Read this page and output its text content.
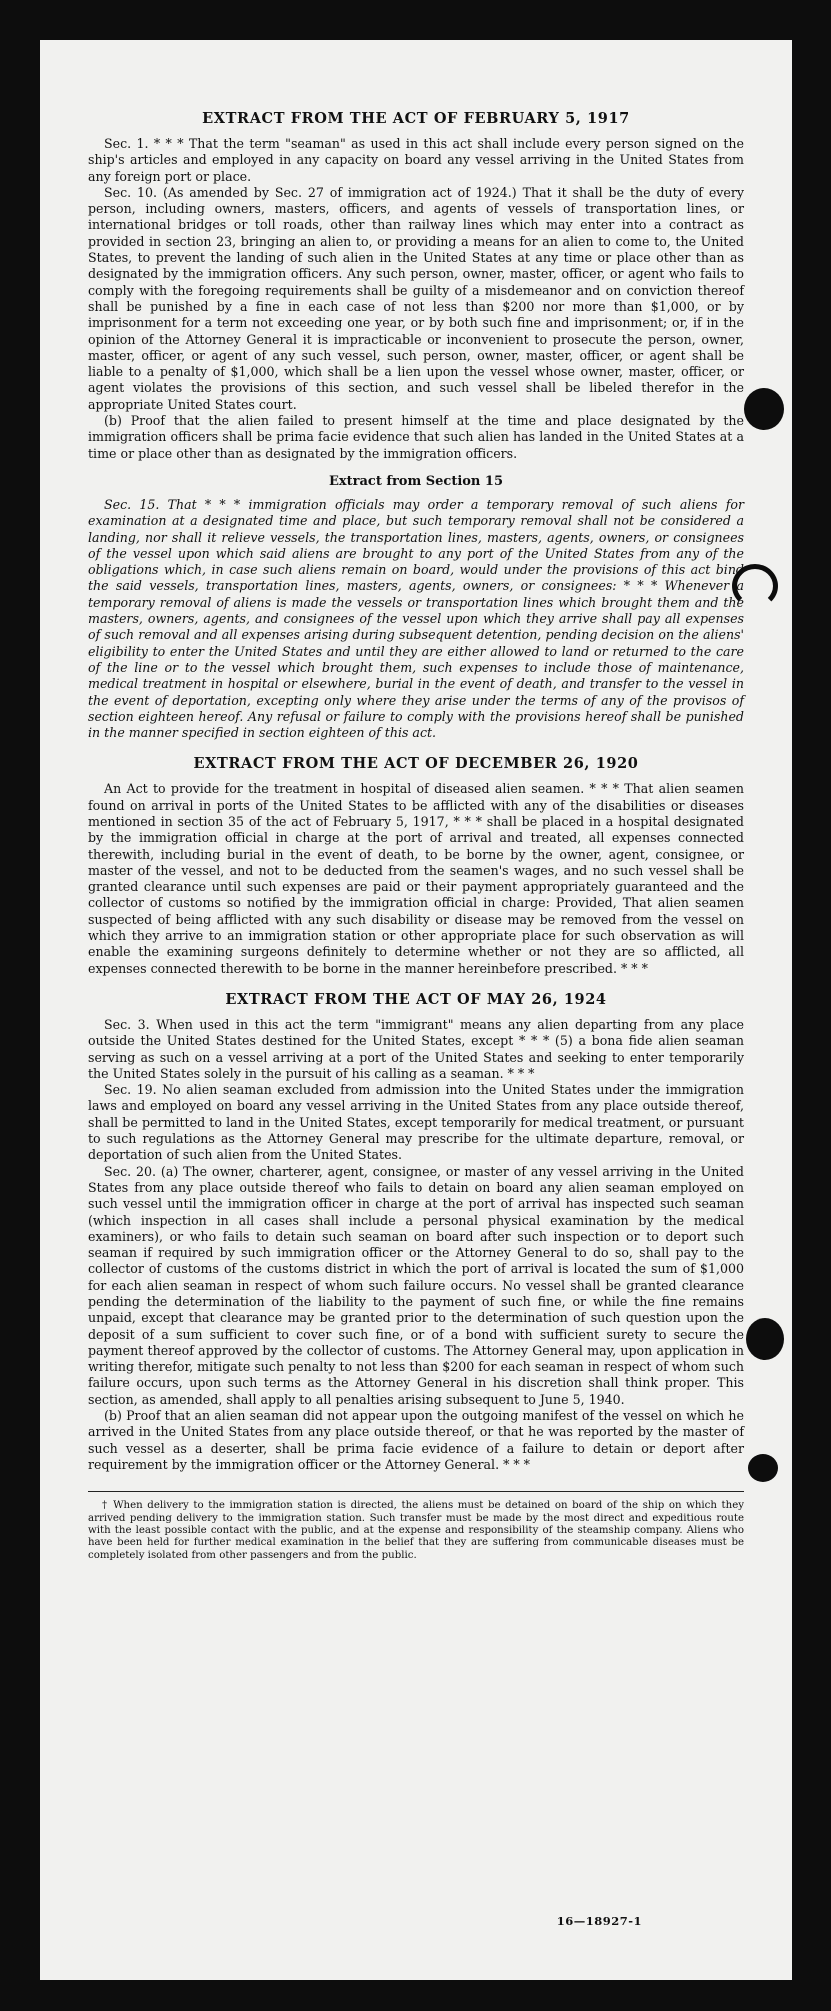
EXTRACT FROM THE ACT OF FEBRUARY 5, 1917

Sec. 1. * * * That the term "seaman" as used in this act shall include every person signed on the ship's articles and employed in any capacity on board any vessel arriving in the United States from any foreign port or place.

Sec. 10. (As amended by Sec. 27 of immigration act of 1924.) That it shall be the duty of every person, including owners, masters, officers, and agents of vessels of transportation lines, or international bridges or toll roads, other than railway lines which may enter into a contract as provided in section 23, bringing an alien to, or providing a means for an alien to come to, the United States, to prevent the landing of such alien in the United States at any time or place other than as designated by the immigration officers. Any such person, owner, master, officer, or agent who fails to comply with the foregoing requirements shall be guilty of a misdemeanor and on conviction thereof shall be punished by a fine in each case of not less than $200 nor more than $1,000, or by imprisonment for a term not exceeding one year, or by both such fine and imprisonment; or, if in the opinion of the Attorney General it is impracticable or inconvenient to prosecute the person, owner, master, officer, or agent of any such vessel, such person, owner, master, officer, or agent shall be liable to a penalty of $1,000, which shall be a lien upon the vessel whose owner, master, officer, or agent violates the provisions of this section, and such vessel shall be libeled therefor in the appropriate United States court.

(b) Proof that the alien failed to present himself at the time and place designated by the immigration officers shall be prima facie evidence that such alien has landed in the United States at a time or place other than as designated by the immigration officers.

Extract from Section 15

Sec. 15. That * * * immigration officials may order a temporary removal of such aliens for examination at a designated time and place, but such temporary removal shall not be considered a landing, nor shall it relieve vessels, the transportation lines, masters, agents, owners, or consignees of the vessel upon which said aliens are brought to any port of the United States from any of the obligations which, in case such aliens remain on board, would under the provisions of this act bind the said vessels, transportation lines, masters, agents, owners, or consignees: * * * Whenever a temporary removal of aliens is made the vessels or transportation lines which brought them and the masters, owners, agents, and consignees of the vessel upon which they arrive shall pay all expenses of such removal and all expenses arising during subsequent detention, pending decision on the aliens' eligibility to enter the United States and until they are either allowed to land or returned to the care of the line or to the vessel which brought them, such expenses to include those of maintenance, medical treatment in hospital or elsewhere, burial in the event of death, and transfer to the vessel in the event of deportation, excepting only where they arise under the terms of any of the provisos of section eighteen hereof. Any refusal or failure to comply with the provisions hereof shall be punished in the manner specified in section eighteen of this act.

EXTRACT FROM THE ACT OF DECEMBER 26, 1920

An Act to provide for the treatment in hospital of diseased alien seamen. * * * That alien seamen found on arrival in ports of the United States to be afflicted with any of the disabilities or diseases mentioned in section 35 of the act of February 5, 1917, * * * shall be placed in a hospital designated by the immigration official in charge at the port of arrival and treated, all expenses connected therewith, including burial in the event of death, to be borne by the owner, agent, consignee, or master of the vessel, and not to be deducted from the seamen's wages, and no such vessel shall be granted clearance until such expenses are paid or their payment appropriately guaranteed and the collector of customs so notified by the immigration official in charge: Provided, That alien seamen suspected of being afflicted with any such disability or disease may be removed from the vessel on which they arrive to an immigration station or other appropriate place for such observation as will enable the examining surgeons definitely to determine whether or not they are so afflicted, all expenses connected therewith to be borne in the manner hereinbefore prescribed. * * *

EXTRACT FROM THE ACT OF MAY 26, 1924

Sec. 3. When used in this act the term "immigrant" means any alien departing from any place outside the United States destined for the United States, except * * * (5) a bona fide alien seaman serving as such on a vessel arriving at a port of the United States and seeking to enter temporarily the United States solely in the pursuit of his calling as a seaman. * * *

Sec. 19. No alien seaman excluded from admission into the United States under the immigration laws and employed on board any vessel arriving in the United States from any place outside thereof, shall be permitted to land in the United States, except temporarily for medical treatment, or pursuant to such regulations as the Attorney General may prescribe for the ultimate departure, removal, or deportation of such alien from the United States.

Sec. 20. (a) The owner, charterer, agent, consignee, or master of any vessel arriving in the United States from any place outside thereof who fails to detain on board any alien seaman employed on such vessel until the immigration officer in charge at the port of arrival has inspected such seaman (which inspection in all cases shall include a personal physical examination by the medical examiners), or who fails to detain such seaman on board after such inspection or to deport such seaman if required by such immigration officer or the Attorney General to do so, shall pay to the collector of customs of the customs district in which the port of arrival is located the sum of $1,000 for each alien seaman in respect of whom such failure occurs. No vessel shall be granted clearance pending the determination of the liability to the payment of such fine, or while the fine remains unpaid, except that clearance may be granted prior to the determination of such question upon the deposit of a sum sufficient to cover such fine, or of a bond with sufficient surety to secure the payment thereof approved by the collector of customs. The Attorney General may, upon application in writing therefor, mitigate such penalty to not less than $200 for each seaman in respect of whom such failure occurs, upon such terms as the Attorney General in his discretion shall think proper. This section, as amended, shall apply to all penalties arising subsequent to June 5, 1940.

(b) Proof that an alien seaman did not appear upon the outgoing manifest of the vessel on which he arrived in the United States from any place outside thereof, or that he was reported by the master of such vessel as a deserter, shall be prima facie evidence of a failure to detain or deport after requirement by the immigration officer or the Attorney General. * * *

† When delivery to the immigration station is directed, the aliens must be detained on board of the ship on which they arrived pending delivery to the immigration station. Such transfer must be made by the most direct and expeditious route with the least possible contact with the public, and at the expense and responsibility of the steamship company. Aliens who have been held for further medical examination in the belief that they are suffering from communicable diseases must be completely isolated from other passengers and from the public.

16—18927-1
